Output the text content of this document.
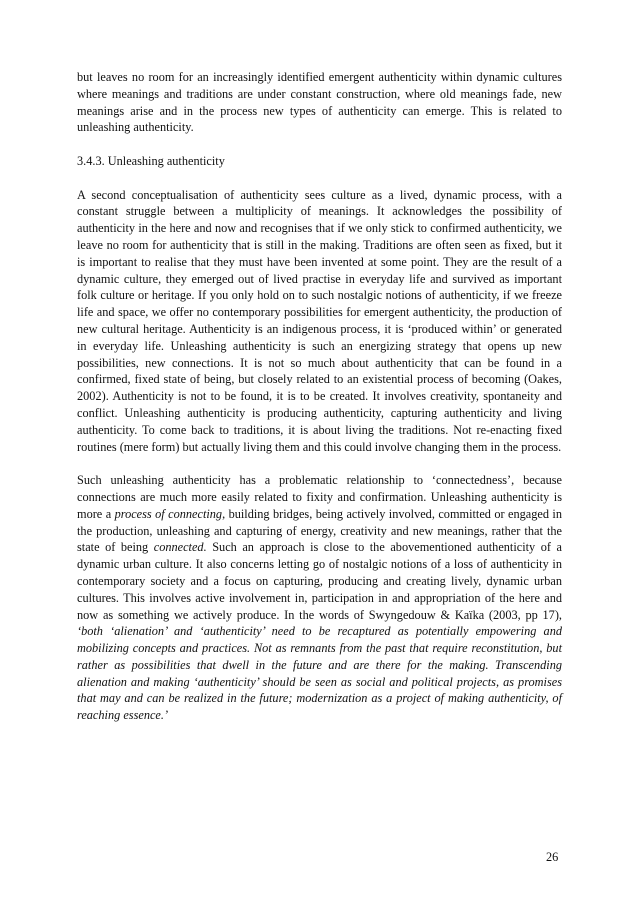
but leaves no room for an increasingly identified emergent authenticity within dynamic cultures where meanings and traditions are under constant construction, where old meanings fade, new meanings arise and in the process new types of authenticity can emerge. This is related to unleashing authenticity.

3.4.3. Unleashing authenticity

A second conceptualisation of authenticity sees culture as a lived, dynamic process, with a constant struggle between a multiplicity of meanings. It acknowledges the possibility of authenticity in the here and now and recognises that if we only stick to confirmed authenticity, we leave no room for authenticity that is still in the making. Traditions are often seen as fixed, but it is important to realise that they must have been invented at some point. They are the result of a dynamic culture, they emerged out of lived practise in everyday life and survived as important folk culture or heritage. If you only hold on to such nostalgic notions of authenticity, if we freeze life and space, we offer no contemporary possibilities for emergent authenticity, the production of new cultural heritage. Authenticity is an indigenous process, it is ‘produced within’ or generated in everyday life. Unleashing authenticity is such an energizing strategy that opens up new possibilities, new connections. It is not so much about authenticity that can be found in a confirmed, fixed state of being, but closely related to an existential process of becoming (Oakes, 2002). Authenticity is not to be found, it is to be created. It involves creativity, spontaneity and conflict. Unleashing authenticity is producing authenticity, capturing authenticity and living authenticity. To come back to traditions, it is about living the traditions. Not re-enacting fixed routines (mere form) but actually living them and this could involve changing them in the process.

Such unleashing authenticity has a problematic relationship to ‘connectedness’, because connections are much more easily related to fixity and confirmation. Unleashing authenticity is more a process of connecting, building bridges, being actively involved, committed or engaged in the production, unleashing and capturing of energy, creativity and new meanings, rather that the state of being connected. Such an approach is close to the abovementioned authenticity of a dynamic urban culture. It also concerns letting go of nostalgic notions of a loss of authenticity in contemporary society and a focus on capturing, producing and creating lively, dynamic urban cultures. This involves active involvement in, participation in and appropriation of the here and now as something we actively produce. In the words of Swyngedouw & Kaïka (2003, pp 17), ‘both ‘alienation’ and ‘authenticity’ need to be recaptured as potentially empowering and mobilizing concepts and practices. Not as remnants from the past that require reconstitution, but rather as possibilities that dwell in the future and are there for the making. Transcending alienation and making ‘authenticity’ should be seen as social and political projects, as promises that may and can be realized in the future; modernization as a project of making authenticity, of reaching essence.’

26
